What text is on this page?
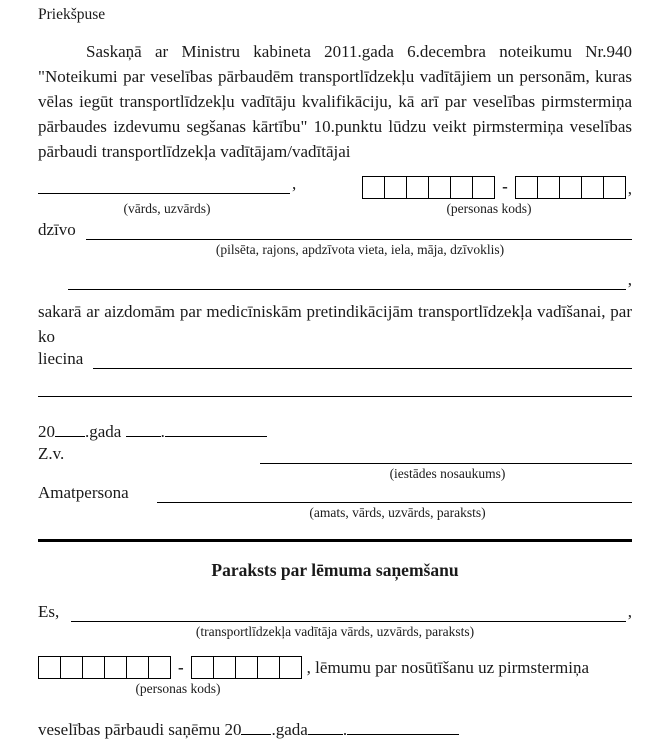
Priekšpuse

Saskaņā ar Ministru kabineta 2011.gada 6.decembra noteikumu Nr.940 "Noteikumi par veselības pārbaudēm transportlīdzekļu vadītājiem un personām, kuras vēlas iegūt transportlīdzekļu vadītāju kvalifikāciju, kā arī par veselības pirmstermiņa pārbaudes izdevumu segšanas kārtību" 10.punktu lūdzu veikt pirmstermiņa veselības pārbaudi transportlīdzekļa vadītājam/vadītājai

,	-	,
(vārds, uzvārds)	(personas kods)
dzīvo
(pilsēta, rajons, apdzīvota vieta, iela, māja, dzīvoklis)
,
sakarā ar aizdomām par medicīniskām pretindikācijām transportlīdzekļa vadīšanai, par ko
liecina
20 .gada .
Z.v.
(iestādes nosaukums)
Amatpersona
(amats, vārds, uzvārds, paraksts)
Paraksts par lēmuma saņemšanu
Es,	,
(transportlīdzekļa vadītāja vārds, uzvārds, paraksts)
-	, lēmumu par nosūtīšanu uz pirmstermiņa
(personas kods)
veselības pārbaudi saņēmu 20 .gada .
